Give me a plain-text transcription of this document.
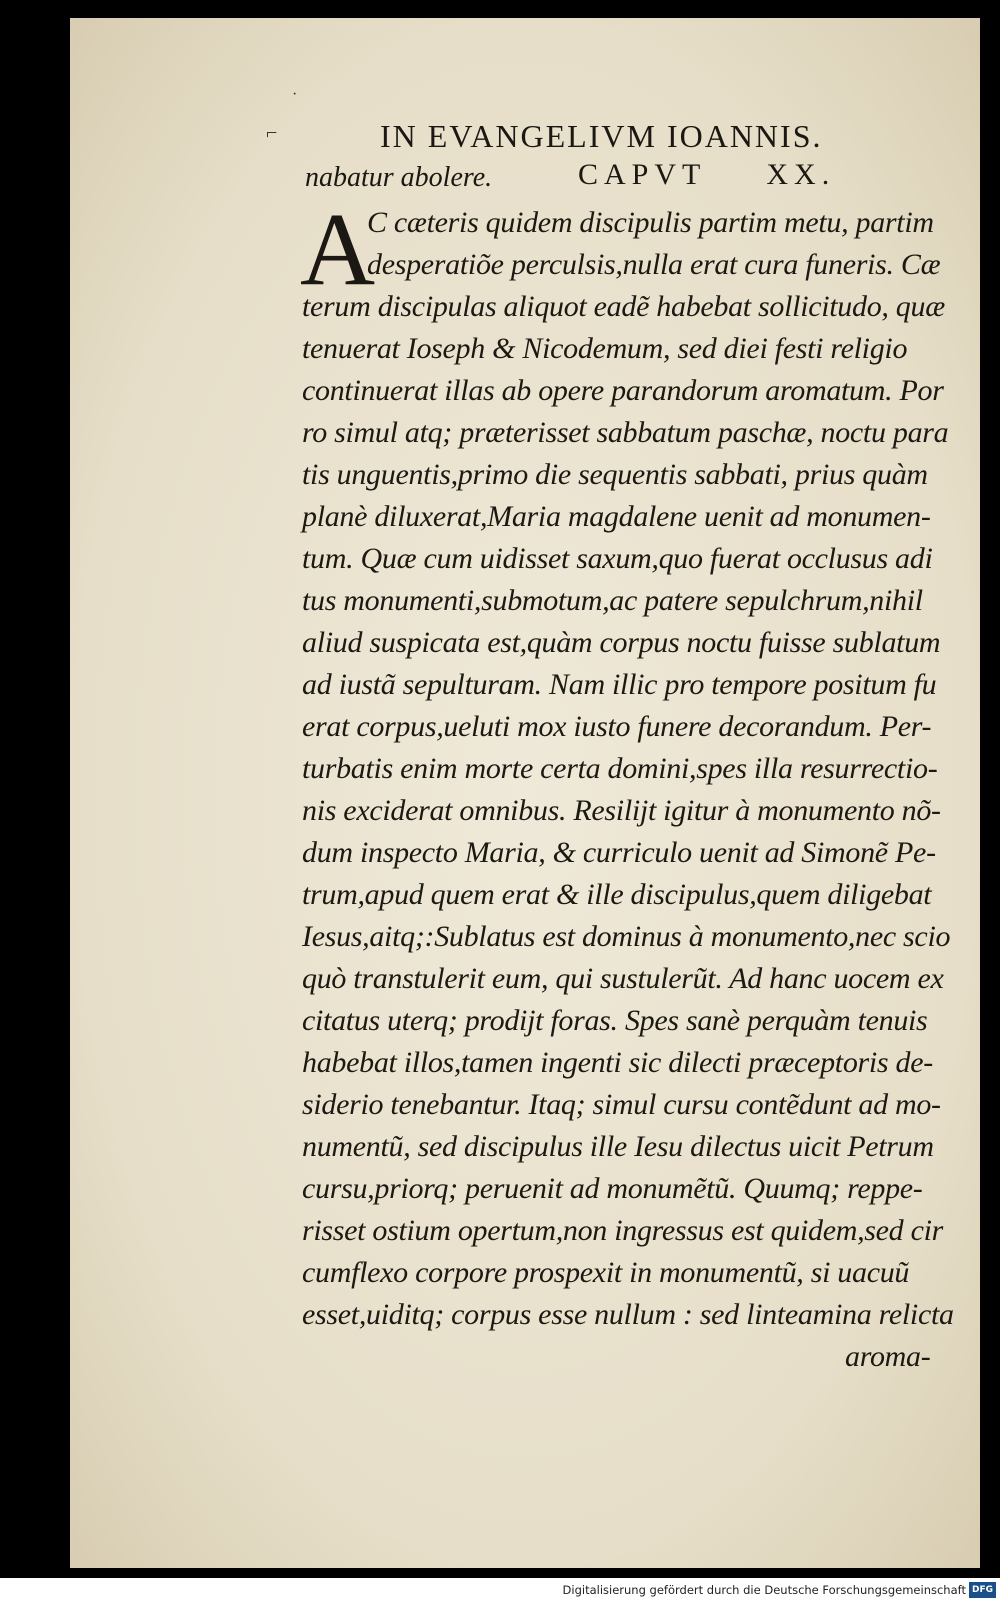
·
⌐	IN EVANGELIVM IOANNIS.
nabatur abolere.	CAPVT XX.
A
C cæteris quidem discipulis partim metu, partim
desperatiõe perculsis,nulla erat cura funeris. Cæ
terum discipulas aliquot eadẽ habebat sollicitudo, quæ
tenuerat Ioseph & Nicodemum, sed diei festi religio
continuerat illas ab opere parandorum aromatum. Por
ro simul atq; præterisset sabbatum paschæ, noctu para
tis unguentis,primo die sequentis sabbati, prius quàm
planè diluxerat,Maria magdalene uenit ad monumen-
tum. Quæ cum uidisset saxum,quo fuerat occlusus adi
tus monumenti,submotum,ac patere sepulchrum,nihil
aliud suspicata est,quàm corpus noctu fuisse sublatum
ad iustã sepulturam. Nam illic pro tempore positum fu
erat corpus,ueluti mox iusto funere decorandum. Per-
turbatis enim morte certa domini,spes illa resurrectio-
nis exciderat omnibus. Resilijt igitur à monumento nõ-
dum inspecto Maria, & curriculo uenit ad Simonẽ Pe-
trum,apud quem erat & ille discipulus,quem diligebat
Iesus,aitq;:Sublatus est dominus à monumento,nec scio
quò transtulerit eum, qui sustulerũt. Ad hanc uocem ex
citatus uterq; prodijt foras. Spes sanè perquàm tenuis
habebat illos,tamen ingenti sic dilecti præceptoris de-
siderio tenebantur. Itaq; simul cursu contẽdunt ad mo-
numentũ, sed discipulus ille Iesu dilectus uicit Petrum
cursu,priorq; peruenit ad monumẽtũ. Quumq; reppe-
risset ostium opertum,non ingressus est quidem,sed cir
cumflexo corpore prospexit in monumentũ, si uacuũ
esset,uiditq; corpus esse nullum : sed linteamina relicta
aroma-
Digitalisierung gefördert durch die Deutsche Forschungsgemeinschaft DFG
